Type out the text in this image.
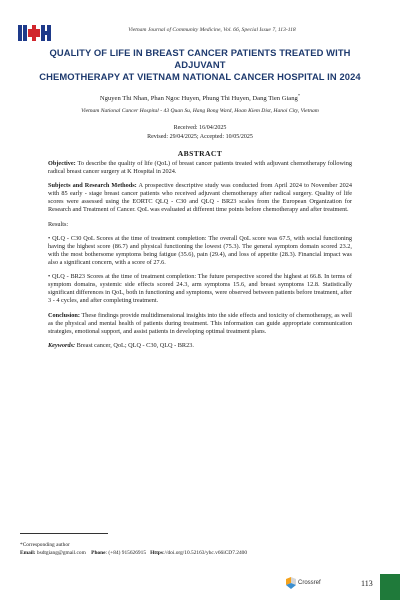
Vietnam Journal of Community Medicine, Vol. 66, Special Issue 7, 113-118
QUALITY OF LIFE IN BREAST CANCER PATIENTS TREATED WITH ADJUVANT
CHEMOTHERAPY AT VIETNAM NATIONAL CANCER HOSPITAL IN 2024
Nguyen Thi Nhan, Phan Ngoc Huyen, Phung Thi Huyen, Dang Tien Giang*
Vietnam National Cancer Hospital - 43 Quan Su, Hang Bong Ward, Hoan Kiem Dist, Hanoi City, Vietnam
Received: 16/04/2025
Revised: 29/04/2025; Accepted: 10/05/2025
ABSTRACT

Objective: To describe the quality of life (QoL) of breast cancer patients treated with adjuvant chemotherapy following radical breast cancer surgery at K Hospital in 2024.

Subjects and Research Methods: A prospective descriptive study was conducted from April 2024 to November 2024 with 85 early - stage breast cancer patients who received adjuvant chemotherapy after radical surgery. Quality of life scores were assessed using the EORTC QLQ - C30 and QLQ - BR23 scales from the European Organization for Research and Treatment of Cancer. QoL was evaluated at different time points before chemotherapy and after treatment.

Results:

• QLQ - C30 QoL Scores at the time of treatment completion: The overall QoL score was 67.5, with social functioning having the highest score (86.7) and physical functioning the lowest (75.3). The general symptom domain scored 23.2, with the most bothersome symptoms being fatigue (35.6), pain (29.4), and loss of appetite (28.3). Financial impact was also a significant concern, with a score of 27.6.

• QLQ - BR23 Scores at the time of treatment completion: The future perspective scored the highest at 66.8. In terms of symptom domains, systemic side effects scored 24.3, arm symptoms 15.6, and breast symptoms 12.8. Statistically significant differences in QoL, both in functioning and symptoms, were observed between patients before treatment, after 3 - 4 cycles, and after completing treatment.

Conclusion: These findings provide multidimensional insights into the side effects and toxicity of chemotherapy, as well as the physical and mental health of patients during treatment. This information can guide appropriate communication strategies, emotional support, and assist patients in developing optimal treatment plans.

Keywords: Breast cancer, QoL; QLQ - C30, QLQ - BR23.

*Corresponding author
Email: bsdtgiang@gmail.com Phone: (+84) 915626915 Https://doi.org/10.52163/yhc.v66iCD7.2400
Crossref	113
